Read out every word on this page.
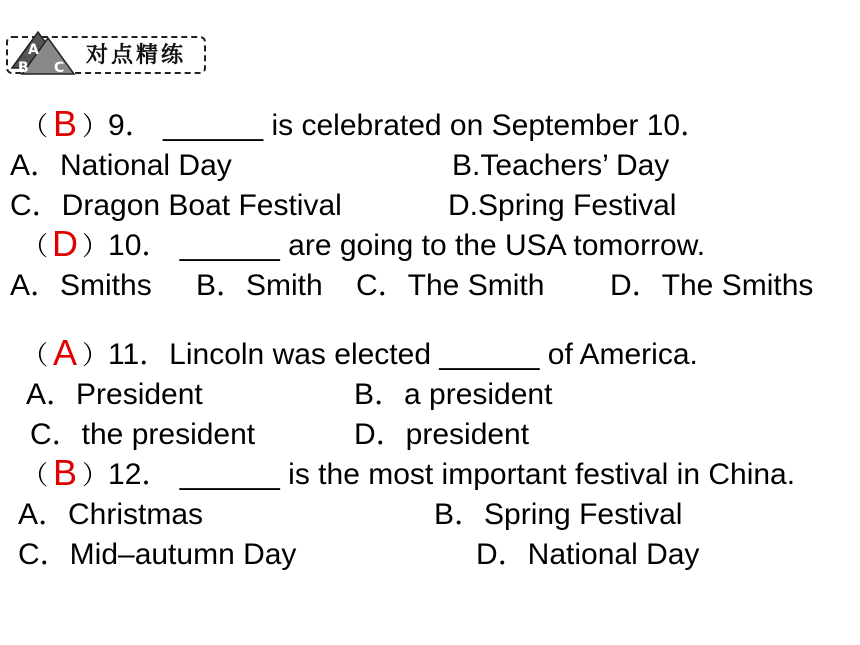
A
B C 对点精练
（ B ）9． ______ is celebrated on September 10．
A．National Day	B.Teachers’ Day
C．Dragon Boat Festival	D.Spring Festival
（ D ）10． ______ are going to the USA tomorrow.
A．Smiths B．Smith C．The Smith D．The Smiths
（ A ）11．Lincoln was elected ______ of America.
A．President	B．a president
C．the president	D．president
（ B ）12． ______ is the most important festival in China.
A．Christmas	B．Spring Festival
C．Mid–autumn Day	D．National Day
